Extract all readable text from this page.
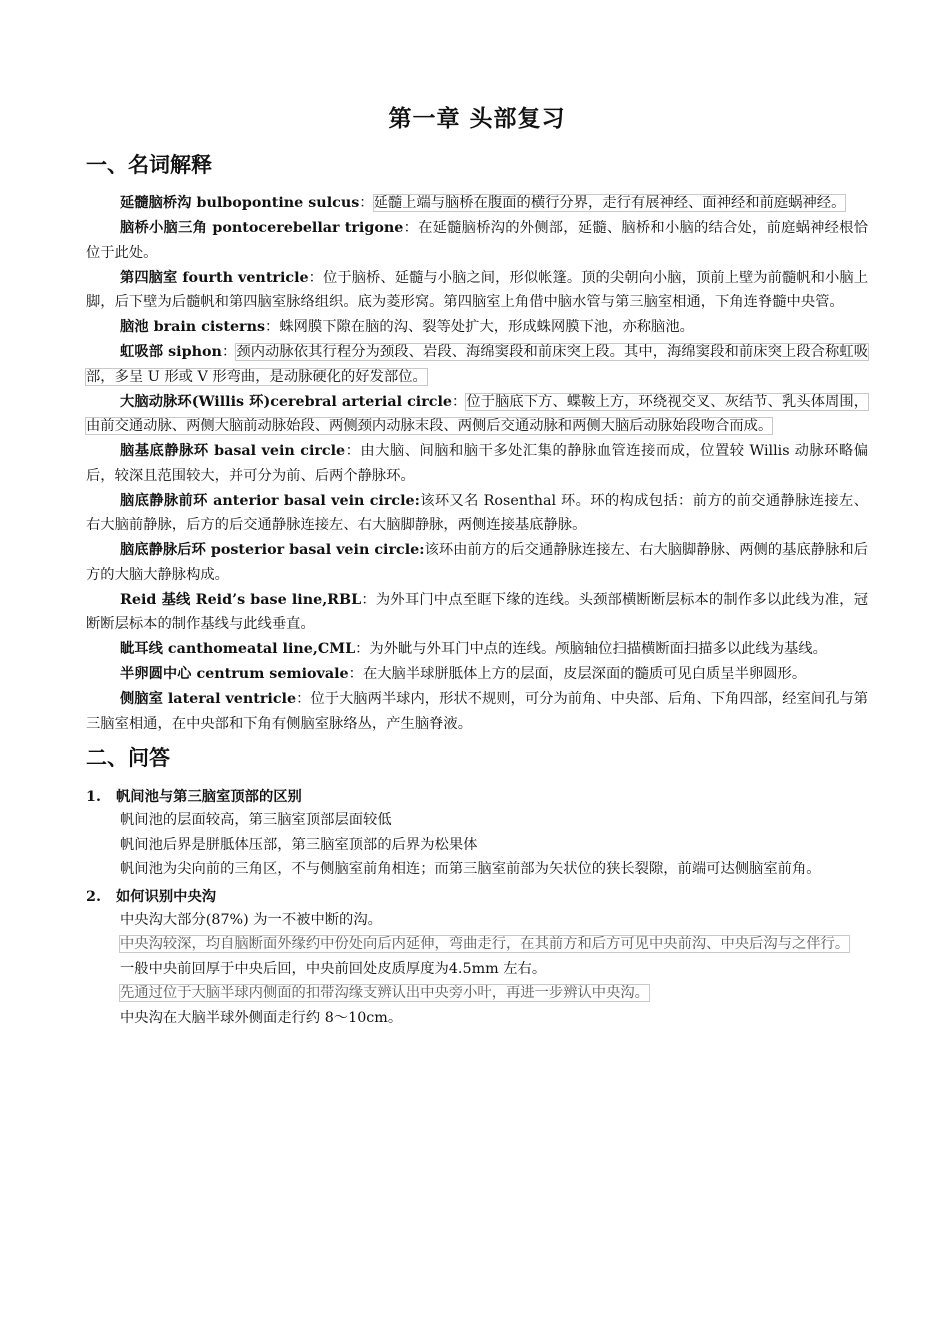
第一章 头部复习
一、名词解释

延髓脑桥沟 bulbopontine sulcus：延髓上端与脑桥在腹面的横行分界，走行有展神经、面神经和前庭蜗神经。

脑桥小脑三角 pontocerebellar trigone：在延髓脑桥沟的外侧部，延髓、脑桥和小脑的结合处，前庭蜗神经根恰位于此处。

第四脑室 fourth ventricle：位于脑桥、延髓与小脑之间，形似帐篷。顶的尖朝向小脑，顶前上壁为前髓帆和小脑上脚，后下壁为后髓帆和第四脑室脉络组织。底为菱形窝。第四脑室上角借中脑水管与第三脑室相通，下角连脊髓中央管。

脑池 brain cisterns：蛛网膜下隙在脑的沟、裂等处扩大，形成蛛网膜下池，亦称脑池。

虹吸部 siphon：颈内动脉依其行程分为颈段、岩段、海绵窦段和前床突上段。其中，海绵窦段和前床突上段合称虹吸部，多呈 U 形或 V 形弯曲，是动脉硬化的好发部位。

大脑动脉环(Willis 环)cerebral arterial circle：位于脑底下方、蝶鞍上方，环绕视交叉、灰结节、乳头体周围，由前交通动脉、两侧大脑前动脉始段、两侧颈内动脉末段、两侧后交通动脉和两侧大脑后动脉始段吻合而成。

脑基底静脉环 basal vein circle：由大脑、间脑和脑干多处汇集的静脉血管连接而成，位置较 Willis 动脉环略偏后，较深且范围较大，并可分为前、后两个静脉环。

脑底静脉前环 anterior basal vein circle:该环又名 Rosenthal 环。环的构成包括：前方的前交通静脉连接左、右大脑前静脉，后方的后交通静脉连接左、右大脑脚静脉，两侧连接基底静脉。

脑底静脉后环 posterior basal vein circle:该环由前方的后交通静脉连接左、右大脑脚静脉、两侧的基底静脉和后方的大脑大静脉构成。

Reid 基线 Reid’s base line,RBL：为外耳门中点至眶下缘的连线。头颈部横断断层标本的制作多以此线为准，冠断断层标本的制作基线与此线垂直。

眦耳线 canthomeatal line,CML：为外眦与外耳门中点的连线。颅脑轴位扫描横断面扫描多以此线为基线。

半卵圆中心 centrum semiovale：在大脑半球胼胝体上方的层面，皮层深面的髓质可见白质呈半卵圆形。

侧脑室 lateral ventricle：位于大脑两半球内，形状不规则，可分为前角、中央部、后角、下角四部，经室间孔与第三脑室相通，在中央部和下角有侧脑室脉络丛，产生脑脊液。

二、问答
1. 帆间池与第三脑室顶部的区别

帆间池的层面较高，第三脑室顶部层面较低

帆间池后界是胼胝体压部，第三脑室顶部的后界为松果体

帆间池为尖向前的三角区，不与侧脑室前角相连；而第三脑室前部为矢状位的狭长裂隙，前端可达侧脑室前角。

2. 如何识别中央沟

中央沟大部分(87%) 为一不被中断的沟。

中央沟较深，均自脑断面外缘约中份处向后内延伸，弯曲走行，在其前方和后方可见中央前沟、中央后沟与之伴行。

一般中央前回厚于中央后回，中央前回处皮质厚度为4.5mm 左右。

先通过位于大脑半球内侧面的扣带沟缘支辨认出中央旁小叶，再进一步辨认中央沟。

中央沟在大脑半球外侧面走行约 8～10cm。
